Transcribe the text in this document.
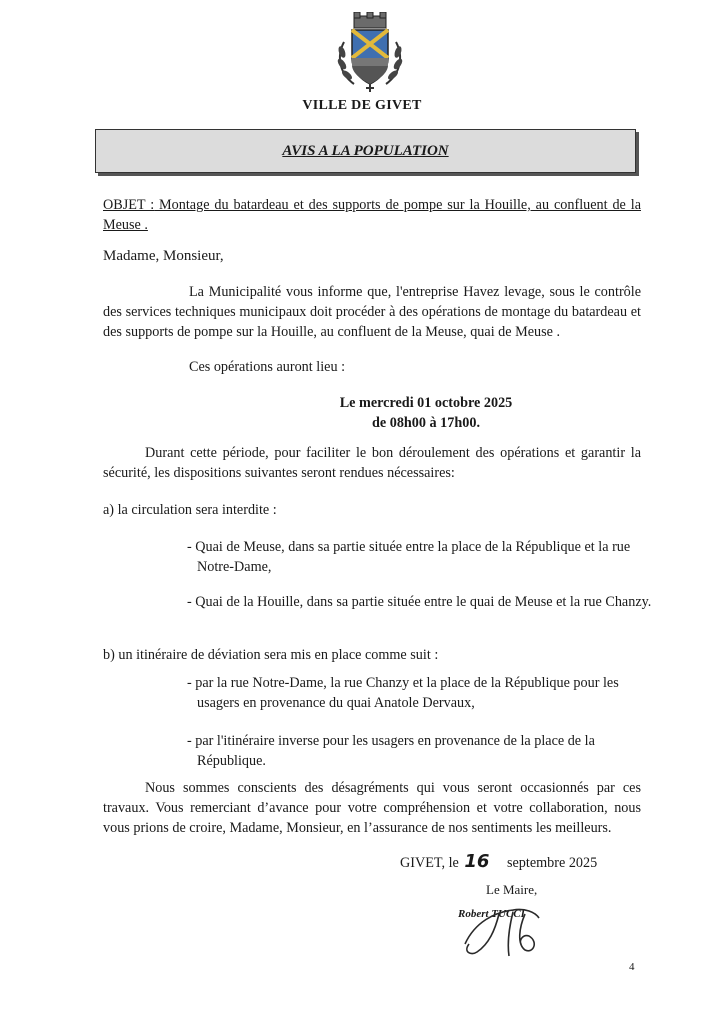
VILLE DE GIVET
AVIS A LA POPULATION
OBJET : Montage du batardeau et des supports de pompe sur la Houille, au confluent de la Meuse .
Madame, Monsieur,
La Municipalité vous informe que, l'entreprise Havez levage, sous le contrôle des services techniques municipaux doit procéder à des opérations de montage du batardeau et des supports de pompe sur la Houille, au confluent de la Meuse, quai de Meuse .
Ces opérations auront lieu :
Le mercredi 01 octobre 2025
de 08h00 à 17h00.
Durant cette période, pour faciliter le bon déroulement des opérations et garantir la sécurité, les dispositions suivantes seront rendues nécessaires:
a) la circulation sera interdite :
- Quai de Meuse, dans sa partie située entre la place de la République et la rue Notre-Dame,
- Quai de la Houille, dans sa partie située entre le quai de Meuse et la rue Chanzy.
b) un itinéraire de déviation sera mis en place comme suit :
- par la rue Notre-Dame, la rue Chanzy et la place de la République pour les usagers en provenance du quai Anatole Dervaux,
- par l'itinéraire inverse pour les usagers en provenance de la place de la République.
Nous sommes conscients des désagréments qui vous seront occasionnés par ces travaux. Vous remerciant d’avance pour votre compréhension et votre collaboration, nous vous prions de croire, Madame, Monsieur, en l’assurance de nos sentiments les meilleurs.
GIVET, le 16 septembre 2025
Le Maire,
Robert TUCCI
4
